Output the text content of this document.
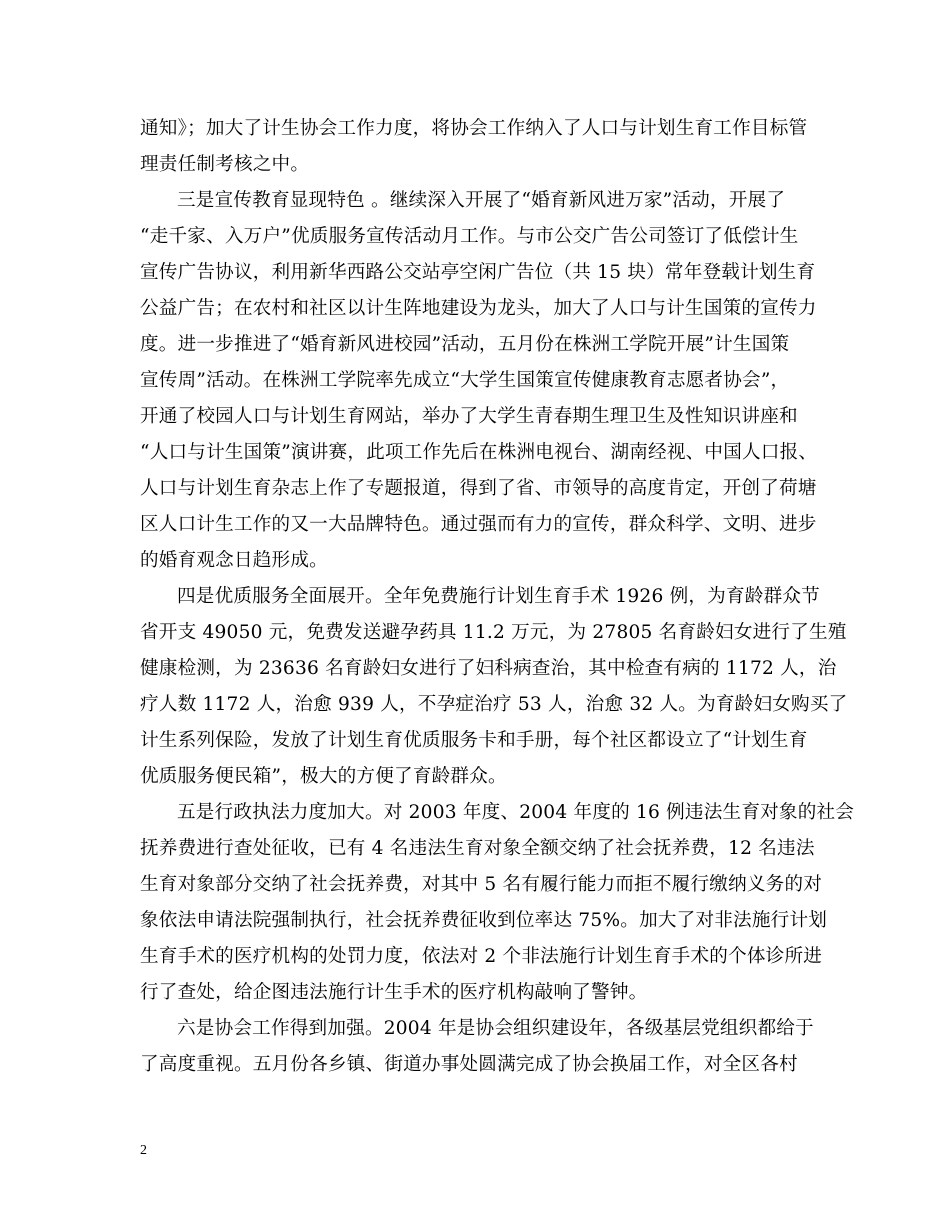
通知》；加大了计生协会工作力度，将协会工作纳入了人口与计划生育工作目标管
理责任制考核之中。
三是宣传教育显现特色 。继续深入开展了“婚育新风进万家”活动，开展了
“走千家、入万户”优质服务宣传活动月工作。与市公交广告公司签订了低偿计生
宣传广告协议，利用新华西路公交站亭空闲广告位（共 15 块）常年登载计划生育
公益广告；在农村和社区以计生阵地建设为龙头，加大了人口与计生国策的宣传力
度。进一步推进了“婚育新风进校园”活动，五月份在株洲工学院开展”计生国策
宣传周”活动。在株洲工学院率先成立“大学生国策宣传健康教育志愿者协会”，
开通了校园人口与计划生育网站，举办了大学生青春期生理卫生及性知识讲座和
“人口与计生国策”演讲赛，此项工作先后在株洲电视台、湖南经视、中国人口报、
人口与计划生育杂志上作了专题报道，得到了省、市领导的高度肯定，开创了荷塘
区人口计生工作的又一大品牌特色。通过强而有力的宣传，群众科学、文明、进步
的婚育观念日趋形成。
四是优质服务全面展开。全年免费施行计划生育手术 1926 例，为育龄群众节
省开支 49050 元，免费发送避孕药具 11.2 万元，为 27805 名育龄妇女进行了生殖
健康检测，为 23636 名育龄妇女进行了妇科病查治，其中检查有病的 1172 人，治
疗人数 1172 人，治愈 939 人，不孕症治疗 53 人，治愈 32 人。为育龄妇女购买了
计生系列保险，发放了计划生育优质服务卡和手册，每个社区都设立了“计划生育
优质服务便民箱”，极大的方便了育龄群众。
五是行政执法力度加大。对 2003 年度、2004 年度的 16 例违法生育对象的社会
抚养费进行查处征收，已有 4 名违法生育对象全额交纳了社会抚养费，12 名违法
生育对象部分交纳了社会抚养费，对其中 5 名有履行能力而拒不履行缴纳义务的对
象依法申请法院强制执行，社会抚养费征收到位率达 75%。加大了对非法施行计划
生育手术的医疗机构的处罚力度，依法对 2 个非法施行计划生育手术的个体诊所进
行了查处，给企图违法施行计生手术的医疗机构敲响了警钟。
六是协会工作得到加强。2004 年是协会组织建设年，各级基层党组织都给于
了高度重视。五月份各乡镇、街道办事处圆满完成了协会换届工作，对全区各村
2
